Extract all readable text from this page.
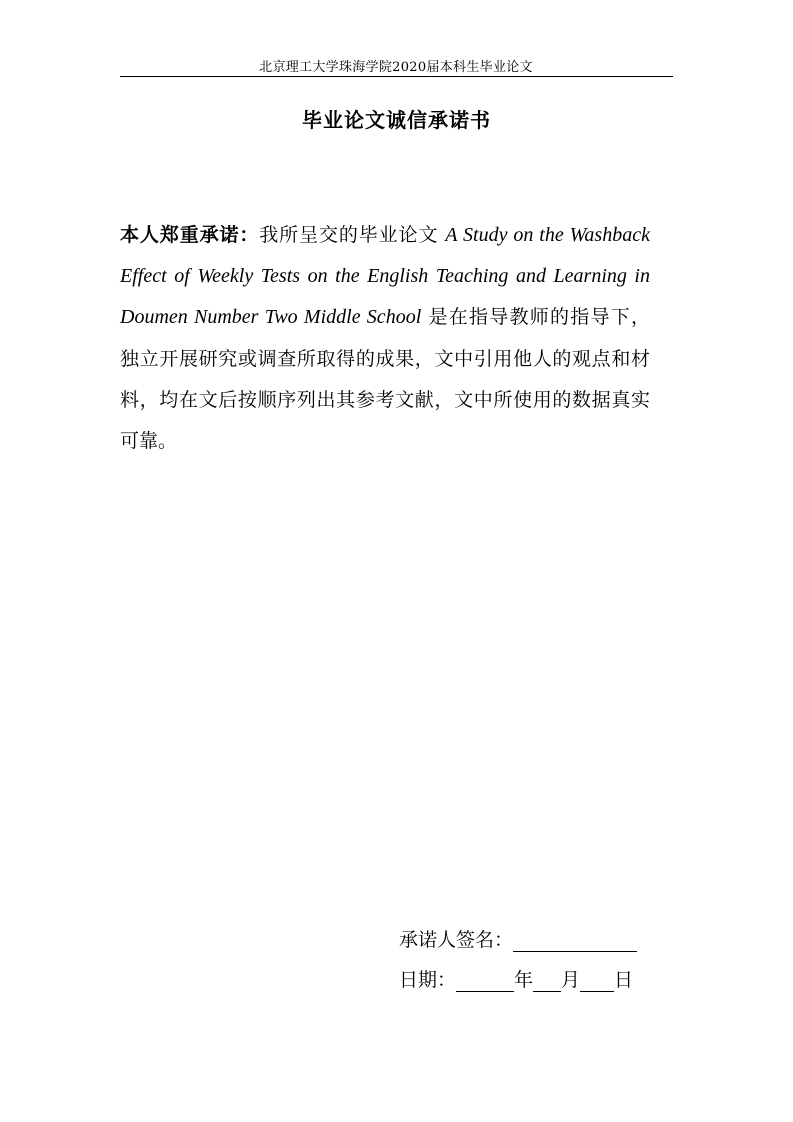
北京理工大学珠海学院2020届本科生毕业论文
毕业论文诚信承诺书
本人郑重承诺：我所呈交的毕业论文 A Study on the Washback Effect of Weekly Tests on the English Teaching and Learning in Doumen Number Two Middle School 是在指导教师的指导下，独立开展研究或调查所取得的成果，文中引用他人的观点和材料，均在文后按顺序列出其参考文献，文中所使用的数据真实可靠。
承诺人签名：
日期：	年 月 日
